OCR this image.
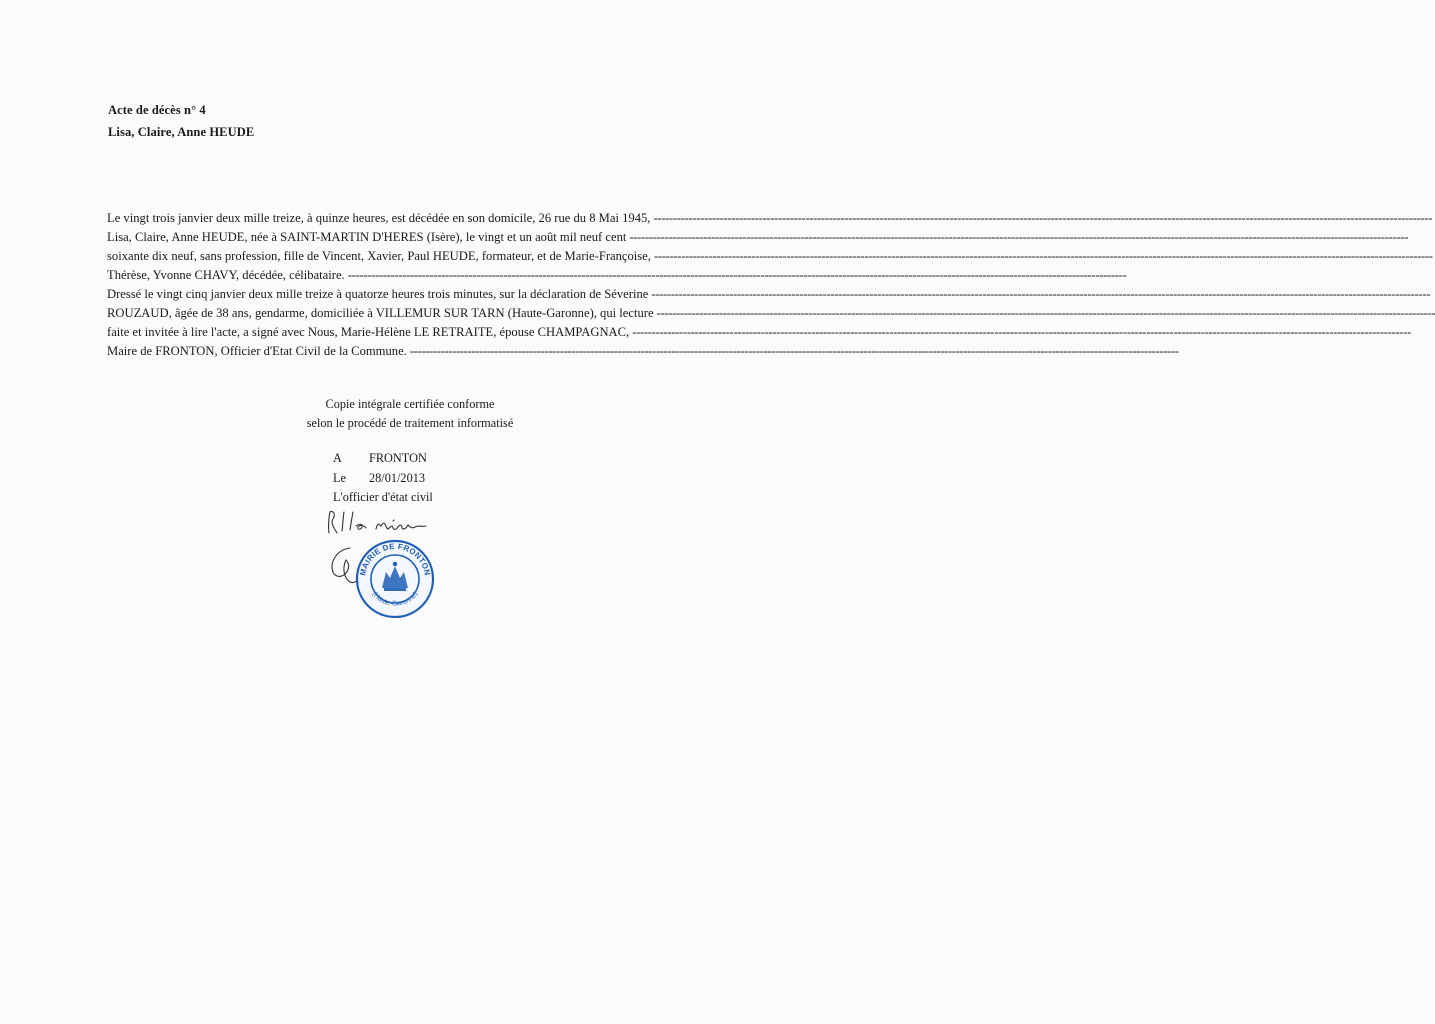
Acte de décès n° 4
Lisa, Claire, Anne HEUDE
Le vingt trois janvier deux mille treize, à quinze heures, est décédée en son domicile, 26 rue du 8 Mai 1945, --------------------------------------------------------------------------------------------------------------------------------------------------------------------------------------------------------
Lisa, Claire, Anne HEUDE, née à SAINT-MARTIN D'HERES (Isère), le vingt et un août mil neuf cent --------------------------------------------------------------------------------------------------------------------------------------------------------------------------------------------------------
soixante dix neuf, sans profession, fille de Vincent, Xavier, Paul HEUDE, formateur, et de Marie-Françoise, --------------------------------------------------------------------------------------------------------------------------------------------------------------------------------------------------------
Thérèse, Yvonne CHAVY, décédée, célibataire. --------------------------------------------------------------------------------------------------------------------------------------------------------------------------------------------------------
Dressé le vingt cinq janvier deux mille treize à quatorze heures trois minutes, sur la déclaration de Séverine --------------------------------------------------------------------------------------------------------------------------------------------------------------------------------------------------------
ROUZAUD, âgée de 38 ans, gendarme, domiciliée à VILLEMUR SUR TARN (Haute-Garonne), qui lecture --------------------------------------------------------------------------------------------------------------------------------------------------------------------------------------------------------
faite et invitée à lire l'acte, a signé avec Nous, Marie-Hélène LE RETRAITE, épouse CHAMPAGNAC, --------------------------------------------------------------------------------------------------------------------------------------------------------------------------------------------------------
Maire de FRONTON, Officier d'Etat Civil de la Commune. --------------------------------------------------------------------------------------------------------------------------------------------------------------------------------------------------------
Copie intégrale certifiée conforme
selon le procédé de traitement informatisé
A FRONTON
Le 28/01/2013
L'officier d'état civil
MAIRIE DE FRONTON
(Haute-Garonne)
